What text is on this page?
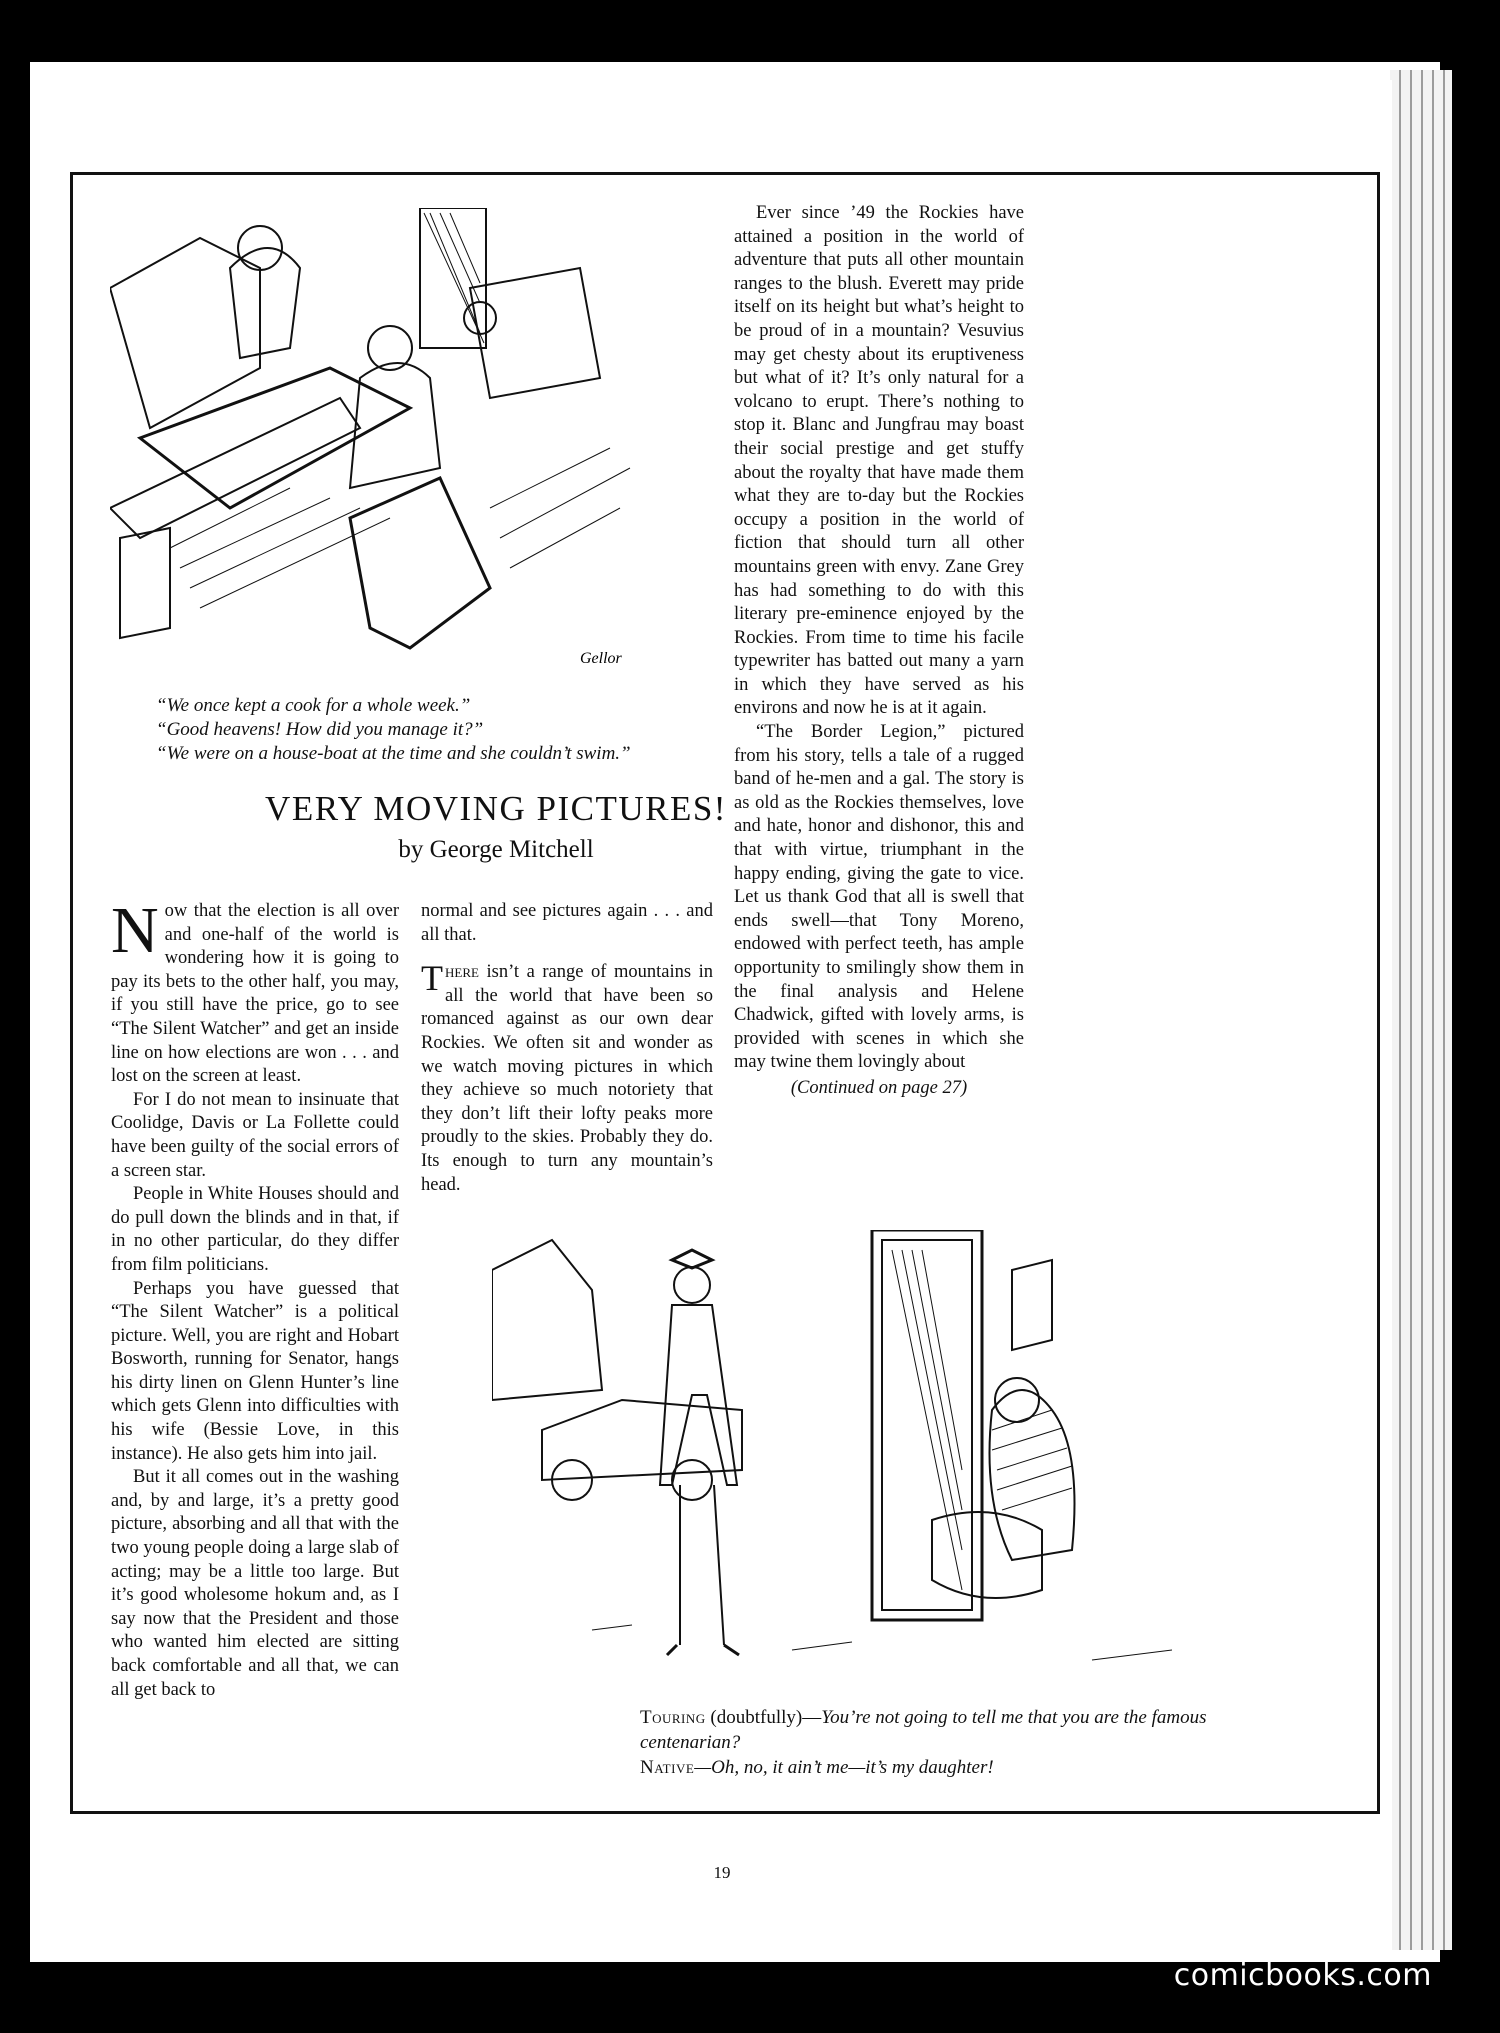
Gellor
“We once kept a cook for a whole week.”
“Good heavens! How did you manage it?”
“We were on a house-boat at the time and she couldn’t swim.”
VERY MOVING PICTURES!
by George Mitchell

Now that the election is all over and one-half of the world is wondering how it is going to pay its bets to the other half, you may, if you still have the price, go to see “The Silent Watcher” and get an inside line on how elections are won . . . and lost on the screen at least.

For I do not mean to insinuate that Coolidge, Davis or La Follette could have been guilty of the social errors of a screen star.

People in White Houses should and do pull down the blinds and in that, if in no other particular, do they differ from film politicians.

Perhaps you have guessed that “The Silent Watcher” is a political picture. Well, you are right and Hobart Bosworth, running for Senator, hangs his dirty linen on Glenn Hunter’s line which gets Glenn into difficulties with his wife (Bessie Love, in this instance). He also gets him into jail.

But it all comes out in the washing and, by and large, it’s a pretty good picture, absorbing and all that with the two young people doing a large slab of acting; may be a little too large. But it’s good wholesome hokum and, as I say now that the President and those who wanted him elected are sitting back comfortable and all that, we can all get back to

normal and see pictures again . . . and all that.

There isn’t a range of mountains in all the world that have been so romanced against as our own dear Rockies. We often sit and wonder as we watch moving pictures in which they achieve so much notoriety that they don’t lift their lofty peaks more proudly to the skies. Probably they do. Its enough to turn any mountain’s head.

Ever since ’49 the Rockies have attained a position in the world of adventure that puts all other mountain ranges to the blush. Everett may pride itself on its height but what’s height to be proud of in a mountain? Vesuvius may get chesty about its eruptiveness but what of it? It’s only natural for a volcano to erupt. There’s nothing to stop it. Blanc and Jungfrau may boast their social prestige and get stuffy about the royalty that have made them what they are to-day but the Rockies occupy a position in the world of fiction that should turn all other mountains green with envy. Zane Grey has had something to do with this literary pre-eminence enjoyed by the Rockies. From time to time his facile typewriter has batted out many a yarn in which they have served as his environs and now he is at it again.

“The Border Legion,” pictured from his story, tells a tale of a rugged band of he-men and a gal. The story is as old as the Rockies themselves, love and hate, honor and dishonor, this and that with virtue, triumphant in the happy ending, giving the gate to vice. Let us thank God that all is swell that ends swell—that Tony Moreno, endowed with perfect teeth, has ample opportunity to smilingly show them in the final analysis and Helene Chadwick, gifted with lovely arms, is provided with scenes in which she may twine them lovingly about

(Continued on page 27)
Touring (doubtfully)—You’re not going to tell me that you are the famous centenarian?
Native—Oh, no, it ain’t me—it’s my daughter!
19
comicbooks.com
